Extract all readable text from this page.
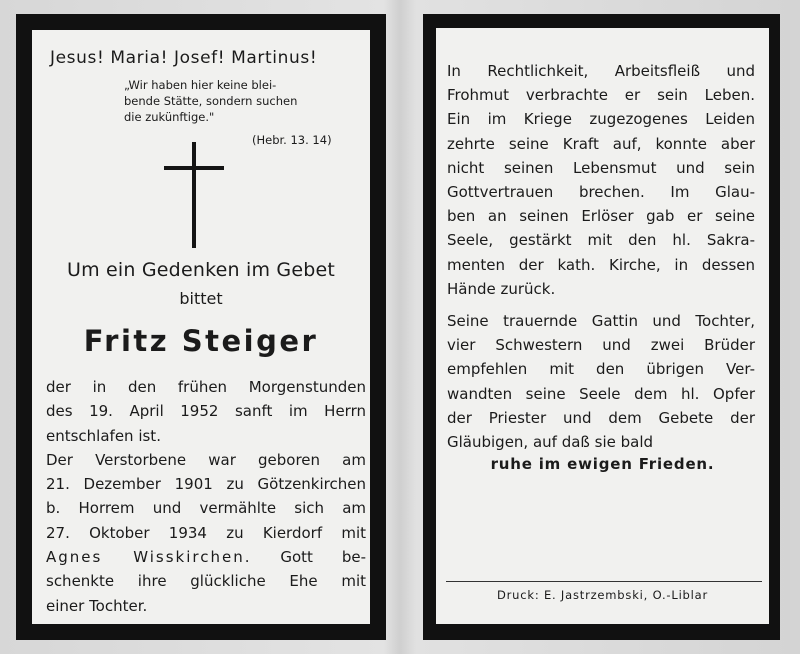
Jesus! Maria! Josef! Martinus!
„Wir haben hier keine blei-
bende Stätte, sondern suchen
die zukünftige."
(Hebr. 13. 14)
Um ein Gedenken im Gebet
bittet
Fritz Steiger
der in den frühen Morgenstunden
des 19. April 1952 sanft im Herrn
entschlafen ist.
Der Verstorbene war geboren am
21. Dezember 1901 zu Götzenkirchen
b. Horrem und vermählte sich am
27. Oktober 1934 zu Kierdorf mit
Agnes Wisskirchen. Gott be-
schenkte ihre glückliche Ehe mit
einer Tochter.
In Rechtlichkeit, Arbeitsfleiß und
Frohmut verbrachte er sein Leben.
Ein im Kriege zugezogenes Leiden
zehrte seine Kraft auf, konnte aber
nicht seinen Lebensmut und sein
Gottvertrauen brechen. Im Glau-
ben an seinen Erlöser gab er seine
Seele, gestärkt mit den hl. Sakra-
menten der kath. Kirche, in dessen
Hände zurück.
Seine trauernde Gattin und Tochter,
vier Schwestern und zwei Brüder
empfehlen mit den übrigen Ver-
wandten seine Seele dem hl. Opfer
der Priester und dem Gebete der
Gläubigen, auf daß sie bald
ruhe im ewigen Frieden.
Druck: E. Jastrzembski, O.-Liblar
